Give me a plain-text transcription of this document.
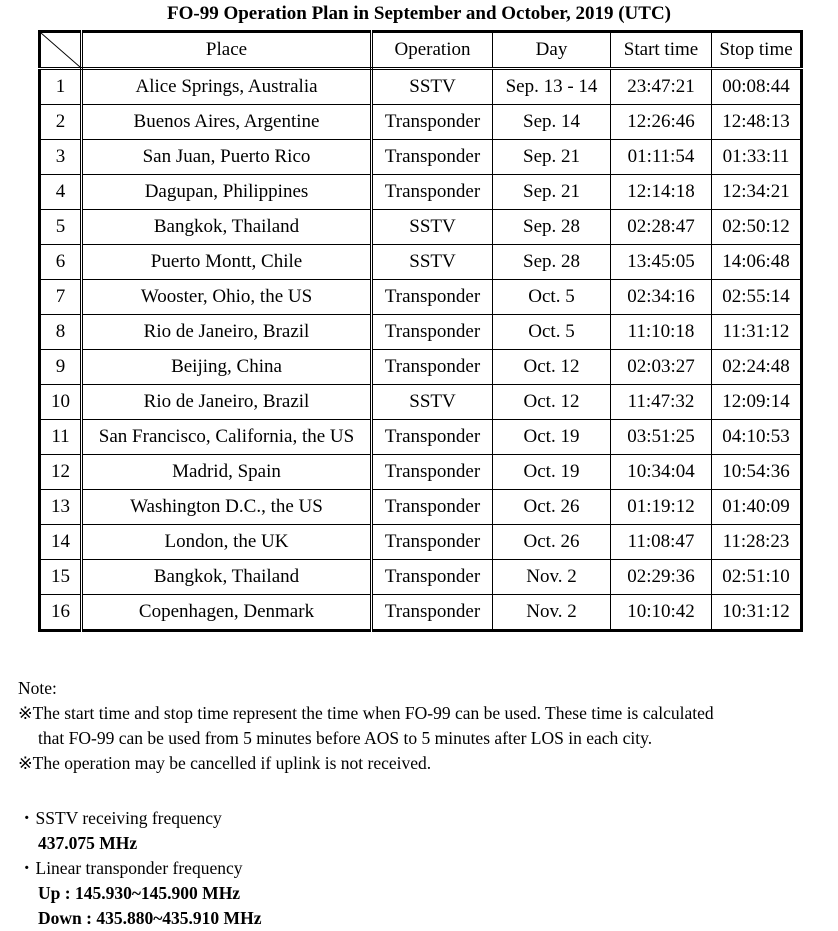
FO-99 Operation Plan in September and October, 2019 (UTC)
	Place	Operation	Day	Start time	Stop time
1	Alice Springs, Australia	SSTV	Sep. 13 - 14	23:47:21	00:08:44
2	Buenos Aires, Argentine	Transponder	Sep. 14	12:26:46	12:48:13
3	San Juan, Puerto Rico	Transponder	Sep. 21	01:11:54	01:33:11
4	Dagupan, Philippines	Transponder	Sep. 21	12:14:18	12:34:21
5	Bangkok, Thailand	SSTV	Sep. 28	02:28:47	02:50:12
6	Puerto Montt, Chile	SSTV	Sep. 28	13:45:05	14:06:48
7	Wooster, Ohio, the US	Transponder	Oct. 5	02:34:16	02:55:14
8	Rio de Janeiro, Brazil	Transponder	Oct. 5	11:10:18	11:31:12
9	Beijing, China	Transponder	Oct. 12	02:03:27	02:24:48
10	Rio de Janeiro, Brazil	SSTV	Oct. 12	11:47:32	12:09:14
11	San Francisco, California, the US	Transponder	Oct. 19	03:51:25	04:10:53
12	Madrid, Spain	Transponder	Oct. 19	10:34:04	10:54:36
13	Washington D.C., the US	Transponder	Oct. 26	01:19:12	01:40:09
14	London, the UK	Transponder	Oct. 26	11:08:47	11:28:23
15	Bangkok, Thailand	Transponder	Nov. 2	02:29:36	02:51:10
16	Copenhagen, Denmark	Transponder	Nov. 2	10:10:42	10:31:12

Note:

※The start time and stop time represent the time when FO-99 can be used. These time is calculated

that FO-99 can be used from 5 minutes before AOS to 5 minutes after LOS in each city.

※The operation may be cancelled if uplink is not received.

・SSTV receiving frequency

437.075 MHz

・Linear transponder frequency

Up : 145.930~145.900 MHz

Down : 435.880~435.910 MHz
